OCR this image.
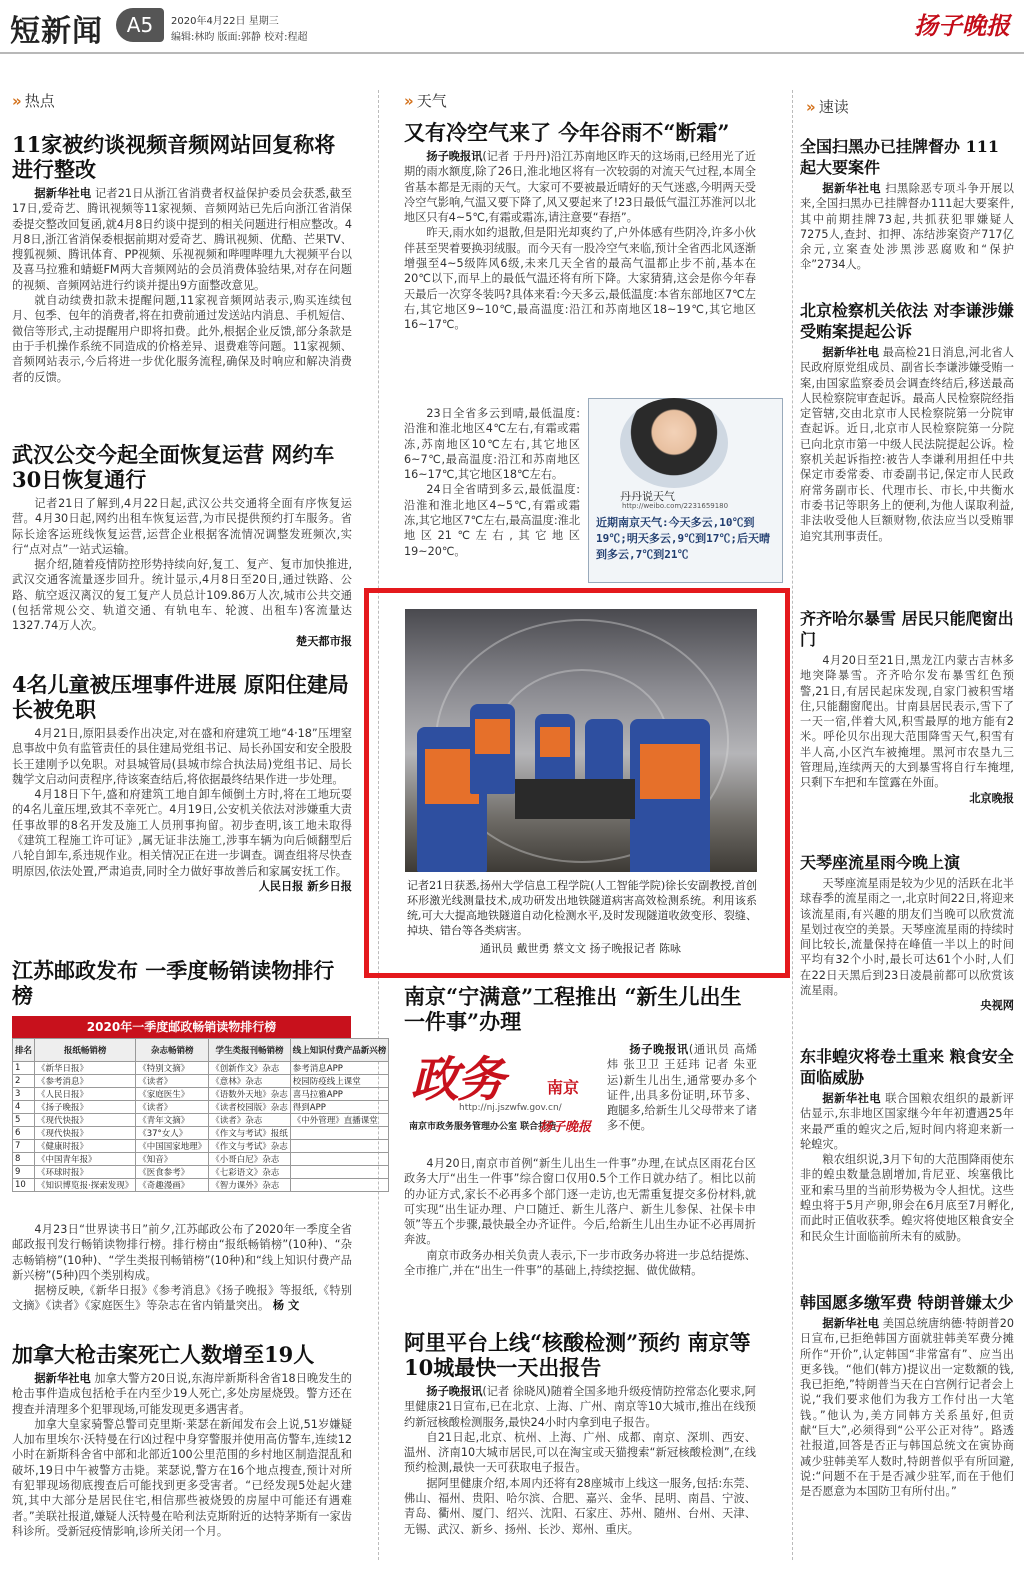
短新闻	A5	2020年4月22日 星期三
编辑:林昀 版面:郭静 校对:程超	扬子晚报
» 热点
11家被约谈视频音频网站回复称将进行整改

据新华社电 记者21日从浙江省消费者权益保护委员会获悉,截至17日,爱奇艺、腾讯视频等11家视频、音频网站已先后向浙江省消保委提交整改回复函,就4月8日约谈中提到的相关问题进行相应整改。4月8日,浙江省消保委根据前期对爱奇艺、腾讯视频、优酷、芒果TV、搜狐视频、腾讯体育、PP视频、乐视视频和哔哩哔哩九大视频平台以及喜马拉雅和蜻蜓FM两大音频网站的会员消费体验结果,对存在问题的视频、音频网站进行约谈并提出9方面整改意见。

就自动续费扣款未提醒问题,11家视音频网站表示,购买连续包月、包季、包年的消费者,将在扣费前通过发送站内消息、手机短信、微信等形式,主动提醒用户即将扣费。此外,根据企业反馈,部分条款是由于手机操作系统不同造成的价格差异、退费难等问题。11家视频、音频网站表示,今后将进一步优化服务流程,确保及时响应和解决消费者的反馈。

武汉公交今起全面恢复运营 网约车30日恢复通行

记者21日了解到,4月22日起,武汉公共交通将全面有序恢复运营。4月30日起,网约出租车恢复运营,为市民提供预约打车服务。省际长途客运班线恢复运营,运营企业根据客流情况调整发班频次,实行“点对点”一站式运输。

据介绍,随着疫情防控形势持续向好,复工、复产、复市加快推进,武汉交通客流量逐步回升。统计显示,4月8日至20日,通过铁路、公路、航空返汉离汉的复工复产人员总计109.86万人次,城市公共交通(包括常规公交、轨道交通、有轨电车、轮渡、出租车)客流量达1327.74万人次。

楚天都市报
4名儿童被压埋事件进展 原阳住建局长被免职

4月21日,原阳县委作出决定,对在盛和府建筑工地“4·18”压埋窒息事故中负有监管责任的县住建局党组书记、局长孙国安和安全股股长王建刚予以免职。对县城管局(县城市综合执法局)党组书记、局长魏学文启动问责程序,待该案查结后,将依据最终结果作进一步处理。

4月18日下午,盛和府建筑工地自卸车倾倒土方时,将在工地玩耍的4名儿童压埋,致其不幸死亡。4月19日,公安机关依法对涉嫌重大责任事故罪的8名开发及施工人员刑事拘留。初步查明,该工地未取得《建筑工程施工许可证》,属无证非法施工,涉事车辆为向后倾翻型后八轮自卸车,系违规作业。相关情况正在进一步调查。调查组将尽快查明原因,依法处置,严肃追责,同时全力做好事故善后和家属安抚工作。

人民日报 新乡日报
江苏邮政发布 一季度畅销读物排行榜
2020年一季度邮政畅销读物排行榜
排名	报纸畅销榜	杂志畅销榜	学生类报刊畅销榜	线上知识付费产品新兴榜
1	《新华日报》	《特别文摘》	《创新作文》杂志	参考消息APP
2	《参考消息》	《读者》	《意林》杂志	校园防疫线上课堂
3	《人民日报》	《家庭医生》	《语数外天地》杂志	喜马拉雅APP
4	《扬子晚报》	《读者》	《读者校园版》杂志	得到APP
5	《现代快报》	《青年文摘》	《读者》杂志	《中外管理》直播课堂
6	《现代快报》	《37°女人》	《作文与考试》报纸	
7	《健康时报》	《中国国家地理》	《作文与考试》杂志	
8	《中国青年报》	《知音》	《小哥白尼》杂志	
9	《环球时报》	《医食参考》	《七彩语文》杂志	
10	《知识博览报·探索发现》	《奇趣漫画》	《智力课外》杂志	

4月23日“世界读书日”前夕,江苏邮政公布了2020年一季度全省邮政报刊发行畅销读物排行榜。排行榜由“报纸畅销榜”(10种)、“杂志畅销榜”(10种)、“学生类报刊畅销榜”(10种)和“线上知识付费产品新兴榜”(5种)四个类别构成。

据榜反映,《新华日报》《参考消息》《扬子晚报》等报纸,《特别文摘》《读者》《家庭医生》等杂志在省内销量突出。 杨 文

加拿大枪击案死亡人数增至19人

据新华社电 加拿大警方20日说,东海岸新斯科舍省18日晚发生的枪击事件造成包括枪手在内至少19人死亡,多处房屋烧毁。警方还在搜查并清理多个犯罪现场,可能发现更多遇害者。

加拿大皇家骑警总警司克里斯·莱瑟在新闻发布会上说,51岁嫌疑人加布里埃尔·沃特曼在行凶过程中身穿警服并使用高仿警车,连续12小时在新斯科舍省中部和北部近100公里范围的乡村地区制造混乱和破坏,19日中午被警方击毙。莱瑟说,警方在16个地点搜查,预计对所有犯罪现场彻底搜查后可能找到更多受害者。“已经发现5处起火建筑,其中大部分是居民住宅,相信那些被烧毁的房屋中可能还有遇难者。”美联社报道,嫌疑人沃特曼在哈利法克斯附近的达特茅斯有一家齿科诊所。受新冠疫情影响,诊所关闭一个月。

» 天气
又有冷空气来了 今年谷雨不“断霜”

扬子晚报讯(记者 于丹丹)沿江苏南地区昨天的这场雨,已经用光了近期的雨水额度,除了26日,淮北地区将有一次较弱的对流天气过程,本周全省基本都是无雨的天气。大家可不要被最近晴好的天气迷惑,今明两天受冷空气影响,气温又要下降了,风又要起来了!23日最低气温江苏淮河以北地区只有4~5℃,有霜或霜冻,请注意要“春捂”。

昨天,雨水如约退散,但是阳光却爽约了,户外体感有些阴冷,许多小伙伴甚至哭着要换羽绒服。而今天有一股冷空气来临,预计全省西北风逐渐增强至4~5级阵风6级,未来几天全省的最高气温都止步不前,基本在20℃以下,而早上的最低气温还将有所下降。大家猜猜,这会是你今年春天最后一次穿冬装吗?具体来看:今天多云,最低温度:本省东部地区7℃左右,其它地区9~10℃,最高温度:沿江和苏南地区18~19℃,其它地区16~17℃。

23日全省多云到晴,最低温度:沿淮和淮北地区4℃左右,有霜或霜冻,苏南地区10℃左右,其它地区6~7℃,最高温度:沿江和苏南地区16~17℃,其它地区18℃左右。

24日全省晴到多云,最低温度:沿淮和淮北地区4~5℃,有霜或霜冻,其它地区7℃左右,最高温度:淮北地区21℃左右,其它地区19~20℃。

丹丹说天气
http://weibo.com/2231659180
近期南京天气:今天多云,10℃到19℃;明天多云,9℃到17℃;后天晴到多云,7℃到21℃
记者21日获悉,扬州大学信息工程学院(人工智能学院)徐长安副教授,首创环形激光线测量技术,成功研发出地铁隧道病害高效检测系统。利用该系统,可大大提高地铁隧道自动化检测水平,及时发现隧道收敛变形、裂缝、掉块、错台等各类病害。
通讯员 戴世勇 蔡文文 扬子晚报记者 陈咏
南京“宁满意”工程推出 “新生儿出生一件事”办理
政务	南京
http://nj.jszwfw.gov.cn/
南京市政务服务管理办公室 联合打造
扬子晚报

扬子晚报讯(通讯员 高烯炜 张卫卫 王廷玮 记者 朱亚运)新生儿出生,通常要办多个证件,出具多份证明,环节多、跑腿多,给新生儿父母带来了诸多不便。

4月20日,南京市首例“新生儿出生一件事”办理,在试点区雨花台区政务大厅“出生一件事”综合窗口仅用0.5个工作日就办结了。相比以前的办证方式,家长不必再多个部门逐一走访,也无需重复提交多份材料,就可实现“出生证办理、户口随迁、新生儿落户、新生儿参保、社保卡申领”等五个步骤,最快最全办齐证件。今后,给新生儿出生办证不必再周折奔波。

南京市政务办相关负责人表示,下一步市政务办将进一步总结提炼、全市推广,并在“出生一件事”的基础上,持续挖掘、做优做精。

阿里平台上线“核酸检测”预约 南京等10城最快一天出报告

扬子晚报讯(记者 徐晓风)随着全国多地升级疫情防控常态化要求,阿里健康21日宣布,已在北京、上海、广州、南京等10大城市,推出在线预约新冠核酸检测服务,最快24小时内拿到电子报告。

自21日起,北京、杭州、上海、广州、成都、南京、深圳、西安、温州、济南10大城市居民,可以在淘宝或天猫搜索“新冠核酸检测”,在线预约检测,最快一天可获取电子报告。

据阿里健康介绍,本周内还将有28座城市上线这一服务,包括:东莞、佛山、福州、贵阳、哈尔滨、合肥、嘉兴、金华、昆明、南昌、宁波、青岛、衢州、厦门、绍兴、沈阳、石家庄、苏州、随州、台州、天津、无锡、武汉、新乡、扬州、长沙、郑州、重庆。

» 速读
全国扫黑办已挂牌督办 111起大要案件

据新华社电 扫黑除恶专项斗争开展以来,全国扫黑办已挂牌督办111起大要案件,其中前期挂牌73起,共抓获犯罪嫌疑人7275人,查封、扣押、冻结涉案资产717亿余元,立案查处涉黑涉恶腐败和“保护伞”2734人。

北京检察机关依法 对李谦涉嫌受贿案提起公诉

据新华社电 最高检21日消息,河北省人民政府原党组成员、副省长李谦涉嫌受贿一案,由国家监察委员会调查终结后,移送最高人民检察院审查起诉。最高人民检察院经指定管辖,交由北京市人民检察院第一分院审查起诉。近日,北京市人民检察院第一分院已向北京市第一中级人民法院提起公诉。检察机关起诉指控:被告人李谦利用担任中共保定市委常委、市委副书记,保定市人民政府常务副市长、代理市长、市长,中共衡水市委书记等职务上的便利,为他人谋取利益,非法收受他人巨额财物,依法应当以受贿罪追究其刑事责任。

齐齐哈尔暴雪 居民只能爬窗出门

4月20日至21日,黑龙江内蒙古吉林多地突降暴雪。齐齐哈尔发布暴雪红色预警,21日,有居民起床发现,自家门被积雪堵住,只能翻窗爬出。甘南县居民表示,雪下了一天一宿,伴着大风,积雪最厚的地方能有2米。呼伦贝尔出现大范围降雪天气,积雪有半人高,小区汽车被掩埋。黑河市农垦九三管理局,连续两天的大到暴雪将自行车掩埋,只剩下车把和车筐露在外面。

北京晚报
天琴座流星雨今晚上演

天琴座流星雨是较为少见的活跃在北半球春季的流星雨之一,北京时间22日,将迎来该流星雨,有兴趣的朋友们当晚可以欣赏流星划过夜空的美景。天琴座流星雨的持续时间比较长,流量保持在峰值一半以上的时间平均有32个小时,最长可达61个小时,人们在22日天黑后到23日凌晨前都可以欣赏该流星雨。

央视网
东非蝗灾将卷土重来 粮食安全面临威胁

据新华社电 联合国粮农组织的最新评估显示,东非地区国家继今年年初遭遇25年来最严重的蝗灾之后,短时间内将迎来新一轮蝗灾。

粮农组织说,3月下旬的大范围降雨使东非的蝗虫数量急剧增加,肯尼亚、埃塞俄比亚和索马里的当前形势极为令人担忧。这些蝗虫将于5月产卵,卵会在6月底至7月孵化,而此时正值收获季。蝗灾将使地区粮食安全和民众生计面临前所未有的威胁。

韩国愿多缴军费 特朗普嫌太少

据新华社电 美国总统唐纳德·特朗普20日宣布,已拒绝韩国方面就驻韩美军费分摊所作“开价”,认定韩国“非常富有”、应当出更多钱。“他们(韩方)提议出一定数额的钱,我已拒绝,”特朗普当天在白宫例行记者会上说,“我们要求他们为我方工作付出一大笔钱。”他认为,美方同韩方关系虽好,但贡献“巨大”,必须得到“公平公正对待”。路透社报道,回答是否正与韩国总统文在寅协商减少驻韩美军人数时,特朗普似乎有所回避,说:“问题不在于是否减少驻军,而在于他们是否愿意为本国防卫有所付出。”
